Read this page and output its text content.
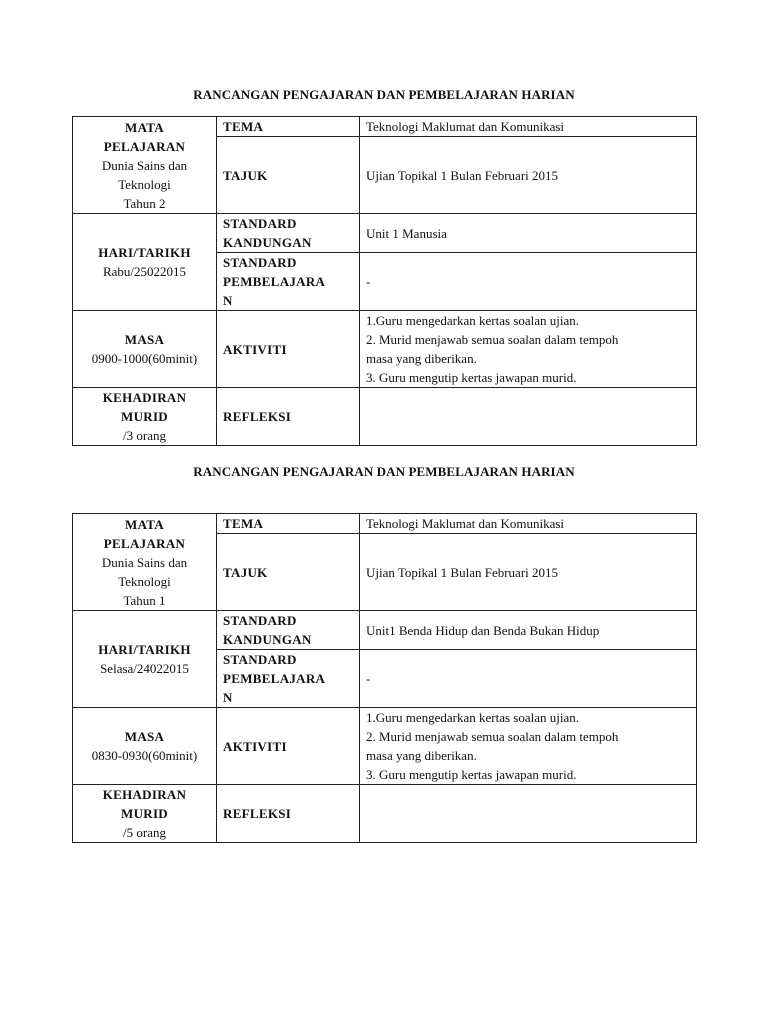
RANCANGAN PENGAJARAN DAN PEMBELAJARAN HARIAN
MATA
PELAJARAN
Dunia Sains dan
Teknologi
Tahun 2	TEMA	Teknologi Maklumat dan Komunikasi
	TAJUK	Ujian Topikal 1 Bulan Februari 2015

HARI/TARIKH
Rabu/25022015	STANDARD
KANDUNGAN	Unit 1 Manusia

	STANDARD
PEMBELAJARA
N	-

MASA
0900-1000(60minit)	AKTIVITI	1.Guru mengedarkan kertas soalan ujian.
2. Murid menjawab semua soalan dalam tempoh
masa yang diberikan.
3. Guru mengutip kertas jawapan murid.

KEHADIRAN
MURID
/3 orang	REFLEKSI	
RANCANGAN PENGAJARAN DAN PEMBELAJARAN HARIAN
MATA
PELAJARAN
Dunia Sains dan
Teknologi
Tahun 1	TEMA	Teknologi Maklumat dan Komunikasi
	TAJUK	Ujian Topikal 1 Bulan Februari 2015

HARI/TARIKH
Selasa/24022015	STANDARD
KANDUNGAN	Unit1 Benda Hidup dan Benda Bukan Hidup

	STANDARD
PEMBELAJARA
N	-

MASA
0830-0930(60minit)	AKTIVITI	1.Guru mengedarkan kertas soalan ujian.
2. Murid menjawab semua soalan dalam tempoh
masa yang diberikan.
3. Guru mengutip kertas jawapan murid.

KEHADIRAN
MURID
/5 orang	REFLEKSI	
